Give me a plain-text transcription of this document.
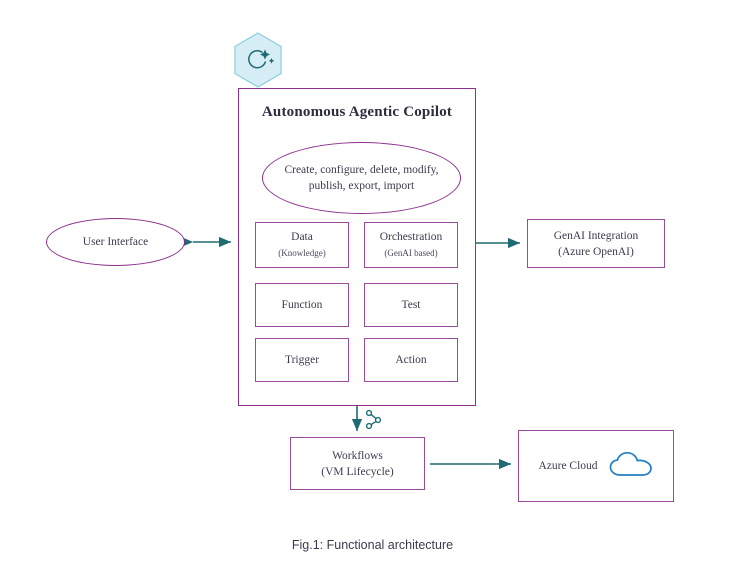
Autonomous Agentic Copilot
Create, configure, delete, modify, publish, export, import
Data
(Knowledge)
Orchestration
(GenAI based)
Function	Test
Trigger	Action
User Interface
GenAI Integration
(Azure OpenAI)
Workflows
(VM Lifecycle)	Azure Cloud
Fig.1: Functional architecture
